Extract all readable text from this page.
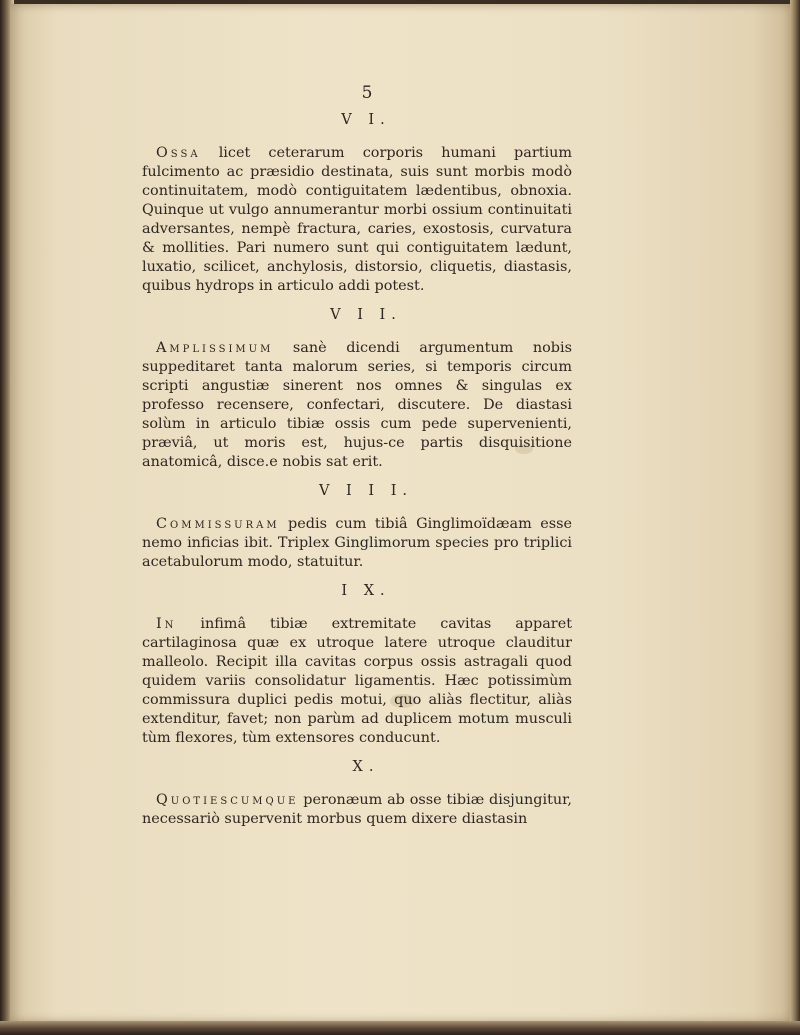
5
V I.

Ossa licet ceterarum corporis humani partium fulcimento ac præsidio destinata, suis sunt morbis modò continuitatem, modò contiguitatem lædentibus, obnoxia. Quinque ut vulgo annumerantur morbi ossium continuitati adversantes, nempè fractura, caries, exostosis, curvatura & mollities. Pari numero sunt qui contiguitatem lædunt, luxatio, scilicet, anchylosis, distorsio, cliquetis, diastasis, quibus hydrops in articulo addi potest.

V I I.

Amplissimum sanè dicendi argumentum nobis suppeditaret tanta malorum series, si temporis circum scripti angustiæ sinerent nos omnes & singulas ex professo recensere, confectari, discutere. De diastasi solùm in articulo tibiæ ossis cum pede supervenienti, præviâ, ut moris est, hujus-ce partis disquisitione anatomicâ, disce.e nobis sat erit.

V I I I.

Commissuram pedis cum tibiâ Ginglimoïdæam esse nemo inficias ibit. Triplex Ginglimorum species pro triplici acetabulorum modo, statuitur.

I X.

In infimâ tibiæ extremitate cavitas apparet cartilaginosa quæ ex utroque latere utroque clauditur malleolo. Recipit illa cavitas corpus ossis astragali quod quidem variis consolidatur ligamentis. Hæc potissimùm commissura duplici pedis motui, quo aliàs flectitur, aliàs extenditur, favet; non parùm ad duplicem motum musculi tùm flexores, tùm extensores conducunt.

X.

Quotiescumque peronæum ab osse tibiæ disjungitur, necessariò supervenit morbus quem dixere diastasin
